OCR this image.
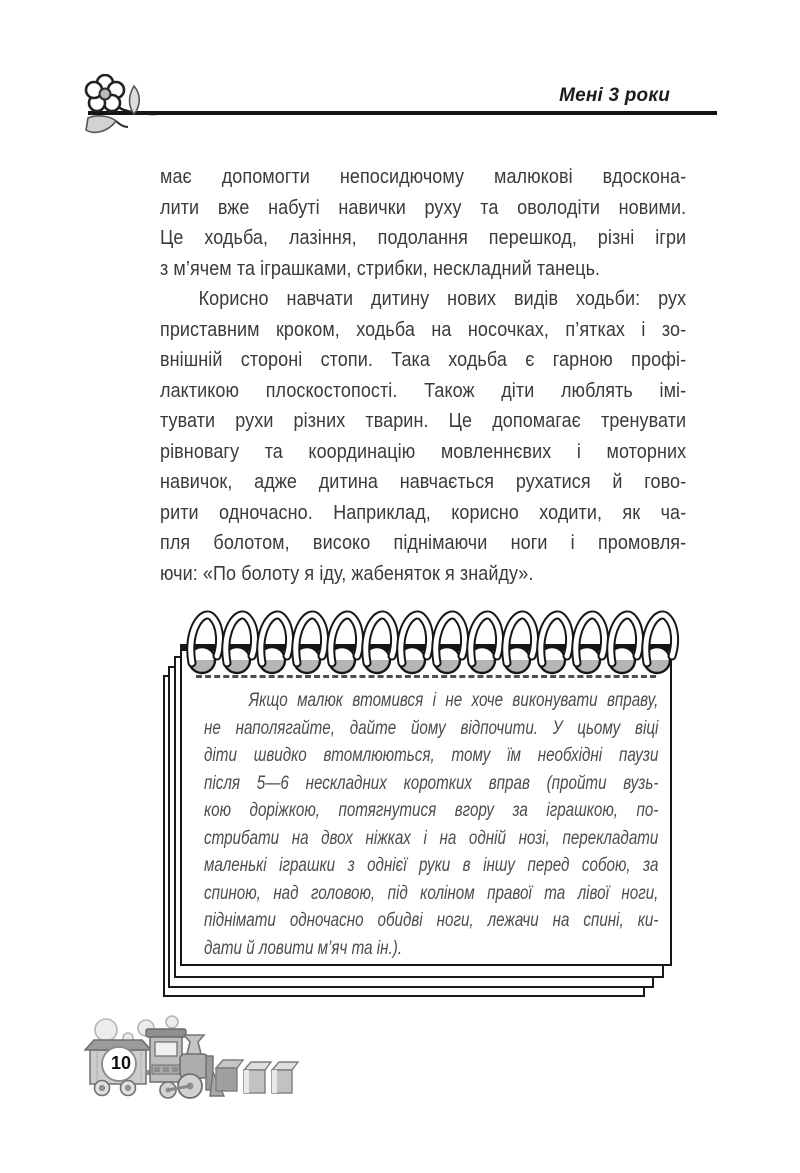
Мені 3 роки
має допомогти непосидючому малюкові вдоскона-
лити вже набуті навички руху та оволодіти новими.
Це ходьба, лазіння, подолання перешкод, різні ігри
з м’ячем та іграшками, стрибки, нескладний танець.
Корисно навчати дитину нових видів ходьби: рух
приставним кроком, ходьба на носочках, п’ятках і зо-
внішній стороні стопи. Така ходьба є гарною профі-
лактикою плоскостопості. Також діти люблять імі-
тувати рухи різних тварин. Це допомагає тренувати
рівновагу та координацію мовленнєвих і моторних
навичок, адже дитина навчається рухатися й гово-
рити одночасно. Наприклад, корисно ходити, як ча-
пля болотом, високо піднімаючи ноги і промовля-
ючи: «По болоту я іду, жабеняток я знайду».
Якщо малюк втомився і не хоче виконувати вправу,
не наполягайте, дайте йому відпочити. У цьому віці
діти швидко втомлюються, тому їм необхідні паузи
після 5—6 нескладних коротких вправ (пройти вузь-
кою доріжкою, потягнутися вгору за іграшкою, по-
стрибати на двох ніжках і на одній нозі, перекладати
маленькі іграшки з однієї руки в іншу перед собою, за
спиною, над головою, під коліном правої та лівої ноги,
піднімати одночасно обидві ноги, лежачи на спині, ки-
дати й ловити м’яч та ін.).
10
